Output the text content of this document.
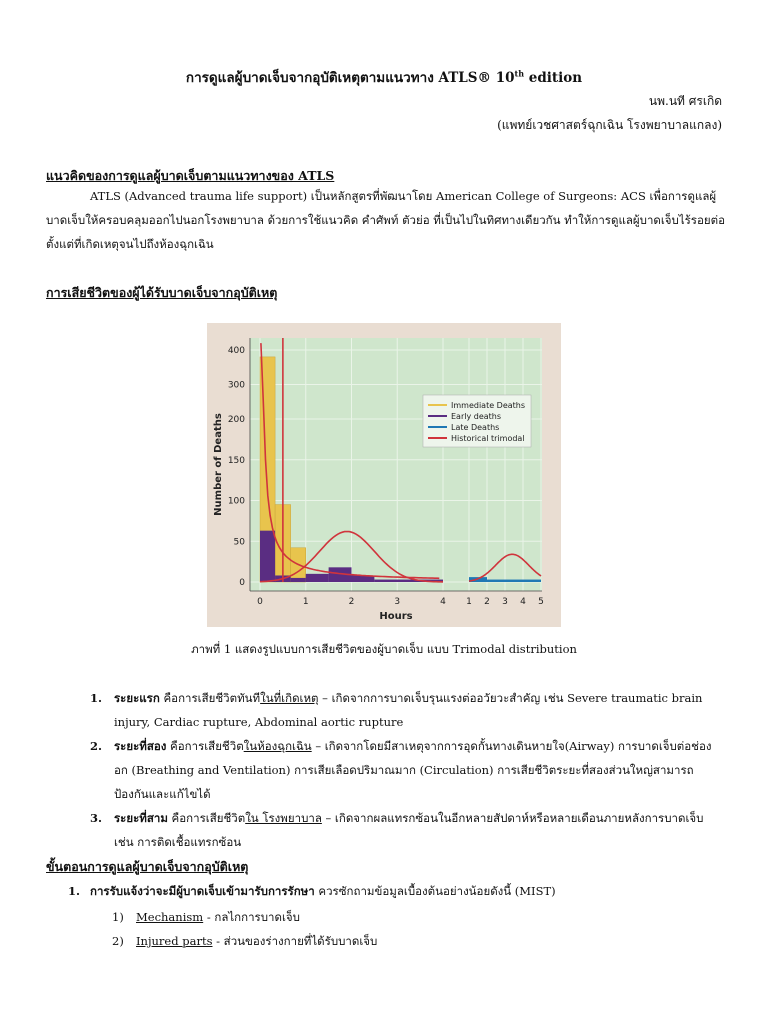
การดูแลผู้บาดเจ็บจากอุบัติเหตุตามแนวทาง ATLS® 10th edition
นพ.นที ศรเกิด
(แพทย์เวชศาสตร์ฉุกเฉิน โรงพยาบาลแกลง)
แนวคิดของการดูแลผู้บาดเจ็บตามแนวทางของ ATLS
ATLS (Advanced trauma life support) เป็นหลักสูตรที่พัฒนาโดย American College of Surgeons: ACS เพื่อการดูแลผู้บาดเจ็บให้ครอบคลุมออกไปนอกโรงพยาบาล ด้วยการใช้แนวคิด คำศัพท์ ตัวย่อ ที่เป็นไปในทิศทางเดียวกัน ทำให้การดูแลผู้บาดเจ็บไร้รอยต่อตั้งแต่ที่เกิดเหตุจนไปถึงห้องฉุกเฉิน
การเสียชีวิตของผู้ได้รับบาดเจ็บจากอุบัติเหตุ
0
50
100
150
200
300
400
0	1	2	3	4 1 2 3 4 5
Hours
Number of Deaths
Immediate Deaths
Early deaths
Late Deaths
Historical trimodal
ภาพที่ 1 แสดงรูปแบบการเสียชีวิตของผู้บาดเจ็บ แบบ Trimodal distribution
1. ระยะแรก คือการเสียชีวิตทันทีในที่เกิดเหตุ – เกิดจากการบาดเจ็บรุนแรงต่ออวัยวะสำคัญ เช่น Severe traumatic brain injury, Cardiac rupture, Abdominal aortic rupture
2. ระยะที่สอง คือการเสียชีวิตในห้องฉุกเฉิน – เกิดจากโดยมีสาเหตุจากการอุดกั้นทางเดินหายใจ(Airway) การบาดเจ็บต่อช่องอก (Breathing and Ventilation) การเสียเลือดปริมาณมาก (Circulation) การเสียชีวิตระยะที่สองส่วนใหญ่สามารถป้องกันและแก้ไขได้
3. ระยะที่สาม คือการเสียชีวิตใน โรงพยาบาล – เกิดจากผลแทรกซ้อนในอีกหลายสัปดาห์หรือหลายเดือนภายหลังการบาดเจ็บ เช่น การติดเชื้อแทรกซ้อน
ขั้นตอนการดูแลผู้บาดเจ็บจากอุบัติเหตุ
1. การรับแจ้งว่าจะมีผู้บาดเจ็บเข้ามารับการรักษา ควรซักถามข้อมูลเบื้องต้นอย่างน้อยดังนี้ (MIST)
1) Mechanism - กลไกการบาดเจ็บ
2) Injured parts - ส่วนของร่างกายที่ได้รับบาดเจ็บ
